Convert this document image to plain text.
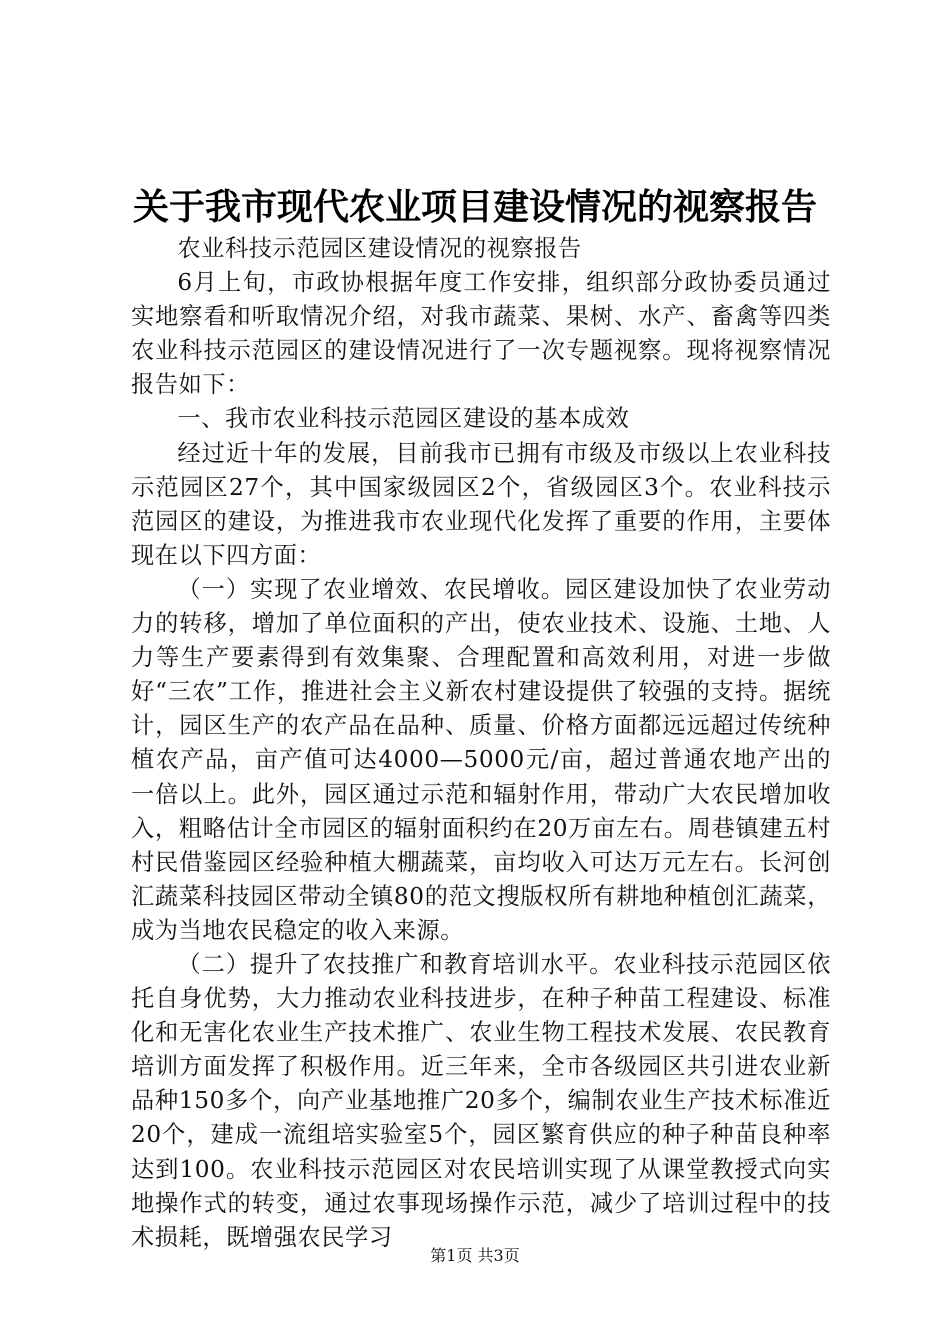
关于我市现代农业项目建设情况的视察报告

农业科技示范园区建设情况的视察报告

6月上旬，市政协根据年度工作安排，组织部分政协委员通过实地察看和听取情况介绍，对我市蔬菜、果树、水产、畜禽等四类农业科技示范园区的建设情况进行了一次专题视察。现将视察情况报告如下：

一、我市农业科技示范园区建设的基本成效

经过近十年的发展，目前我市已拥有市级及市级以上农业科技示范园区27个，其中国家级园区2个，省级园区3个。农业科技示范园区的建设，为推进我市农业现代化发挥了重要的作用，主要体现在以下四方面：

（一）实现了农业增效、农民增收。园区建设加快了农业劳动力的转移，增加了单位面积的产出，使农业技术、设施、土地、人力等生产要素得到有效集聚、合理配置和高效利用，对进一步做好“三农”工作，推进社会主义新农村建设提供了较强的支持。据统计，园区生产的农产品在品种、质量、价格方面都远远超过传统种植农产品，亩产值可达4000—5000元/亩，超过普通农地产出的一倍以上。此外，园区通过示范和辐射作用，带动广大农民增加收入，粗略估计全市园区的辐射面积约在20万亩左右。周巷镇建五村村民借鉴园区经验种植大棚蔬菜，亩均收入可达万元左右。长河创汇蔬菜科技园区带动全镇80的范文搜版权所有耕地种植创汇蔬菜，成为当地农民稳定的收入来源。

（二）提升了农技推广和教育培训水平。农业科技示范园区依托自身优势，大力推动农业科技进步，在种子种苗工程建设、标准化和无害化农业生产技术推广、农业生物工程技术发展、农民教育培训方面发挥了积极作用。近三年来，全市各级园区共引进农业新品种150多个，向产业基地推广20多个，编制农业生产技术标准近20个，建成一流组培实验室5个，园区繁育供应的种子种苗良种率达到100。农业科技示范园区对农民培训实现了从课堂教授式向实地操作式的转变，通过农事现场操作示范，减少了培训过程中的技术损耗，既增强农民学习

第1页 共3页
